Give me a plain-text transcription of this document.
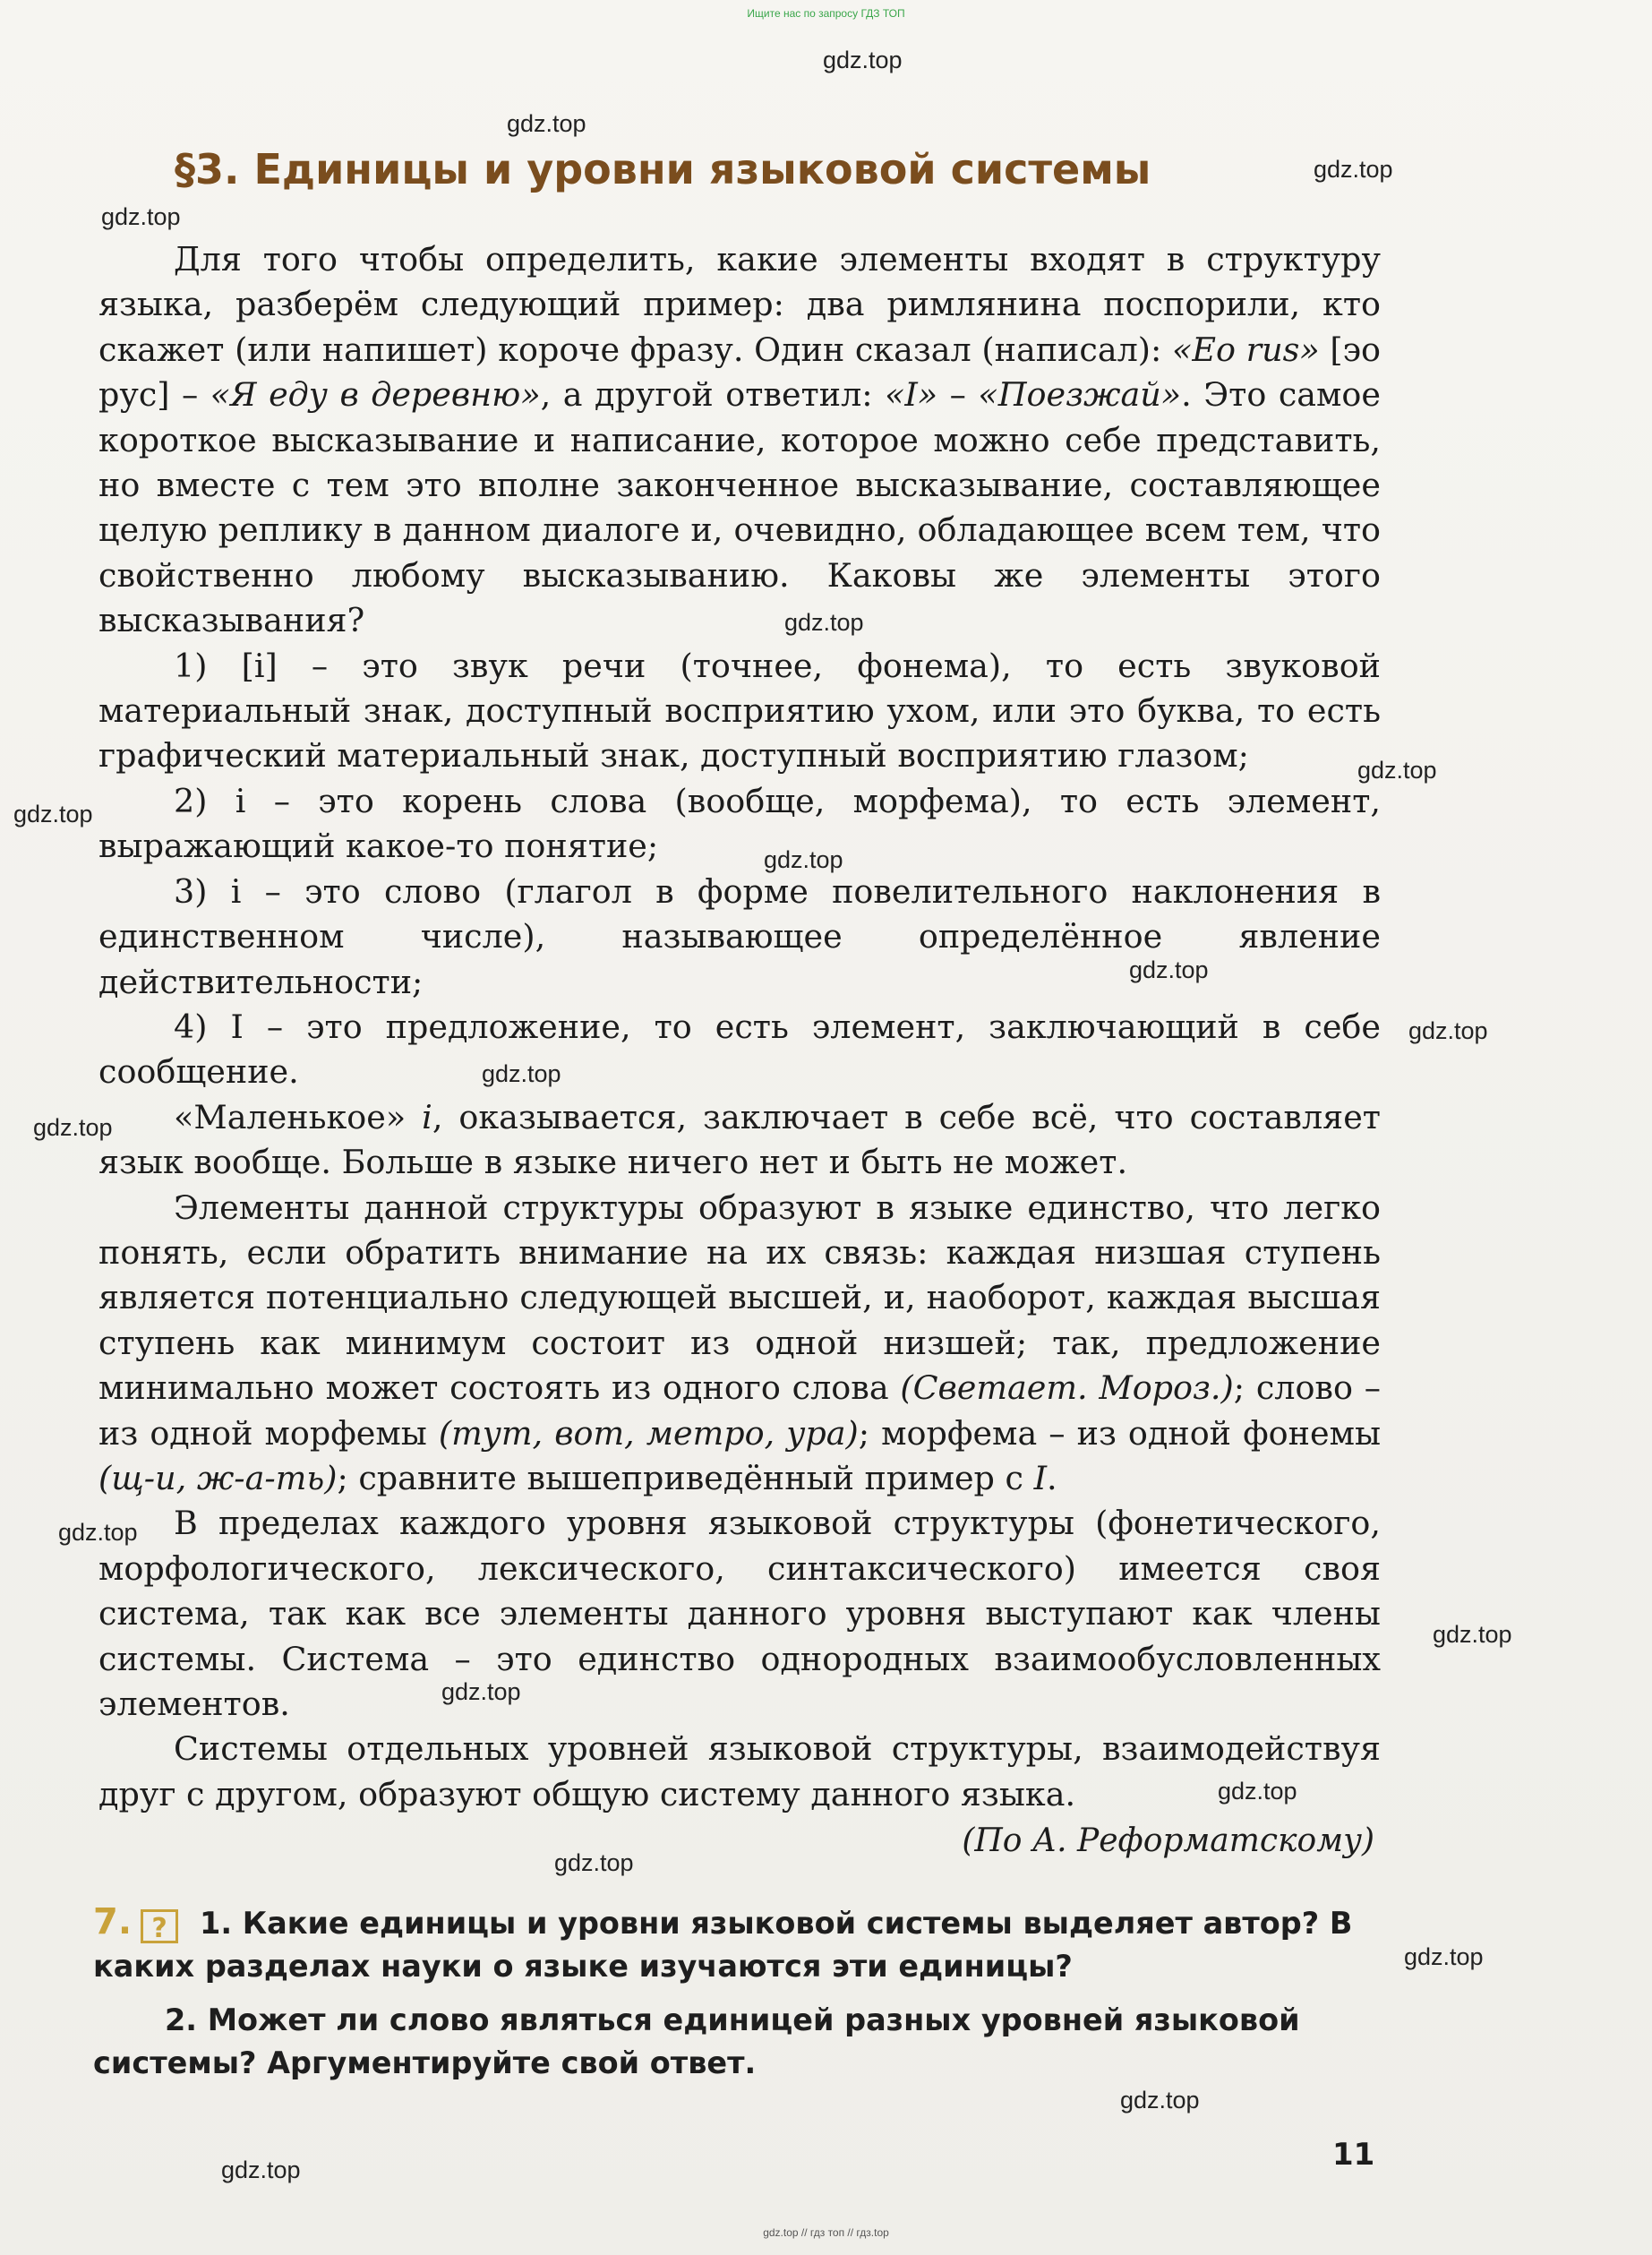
Ищите нас по запросу ГДЗ ТОП
§3. Единицы и уровни языковой системы

Для того чтобы определить, какие элементы входят в структуру языка, разберём следующий пример: два римлянина поспорили, кто скажет (или напишет) короче фразу. Один сказал (написал): «Eo rus» [эо рус] – «Я еду в деревню», а другой ответил: «I» – «Поезжай». Это самое короткое высказывание и написание, которое можно себе представить, но вместе с тем это вполне законченное высказывание, составляющее целую реплику в данном диалоге и, очевидно, обладающее всем тем, что свойственно любому высказыванию. Каковы же элементы этого высказывания?

1) [i] – это звук речи (точнее, фонема), то есть звуковой материальный знак, доступный восприятию ухом, или это буква, то есть графический материальный знак, доступный восприятию глазом;

2) i – это корень слова (вообще, морфема), то есть элемент, выражающий какое-то понятие;

3) i – это слово (глагол в форме повелительного наклонения в единственном числе), называющее определённое явление действительности;

4) I – это предложение, то есть элемент, заключающий в себе сообщение.

«Маленькое» i, оказывается, заключает в себе всё, что составляет язык вообще. Больше в языке ничего нет и быть не может.

Элементы данной структуры образуют в языке единство, что легко понять, если обратить внимание на их связь: каждая низшая ступень является потенциально следующей высшей, и, наоборот, каждая высшая ступень как минимум состоит из одной низшей; так, предложение минимально может состоять из одного слова (Светает. Мороз.); слово – из одной морфемы (тут, вот, метро, ура); морфема – из одной фонемы (щ-и, ж-а-ть); сравните вышеприведённый пример с I.

В пределах каждого уровня языковой структуры (фонетического, морфологического, лексического, синтаксического) имеется своя система, так как все элементы данного уровня выступают как члены системы. Система – это единство однородных взаимообусловленных элементов.

Системы отдельных уровней языковой структуры, взаимодействуя друг с другом, образуют общую систему данного языка.

(По А. Реформатскому)

7. ? 1. Какие единицы и уровни языковой системы выделяет автор? В каких разделах науки о языке изучаются эти единицы?

2. Может ли слово являться единицей разных уровней языковой системы? Аргументируйте свой ответ.

11
gdz.top // гдз топ // гдз.top
gdz.top
gdz.top
gdz.top
gdz.top
gdz.top
gdz.top
gdz.top
gdz.top
gdz.top
gdz.top
gdz.top
gdz.top
gdz.top
gdz.top
gdz.top
gdz.top
gdz.top
gdz.top
gdz.top
gdz.top
